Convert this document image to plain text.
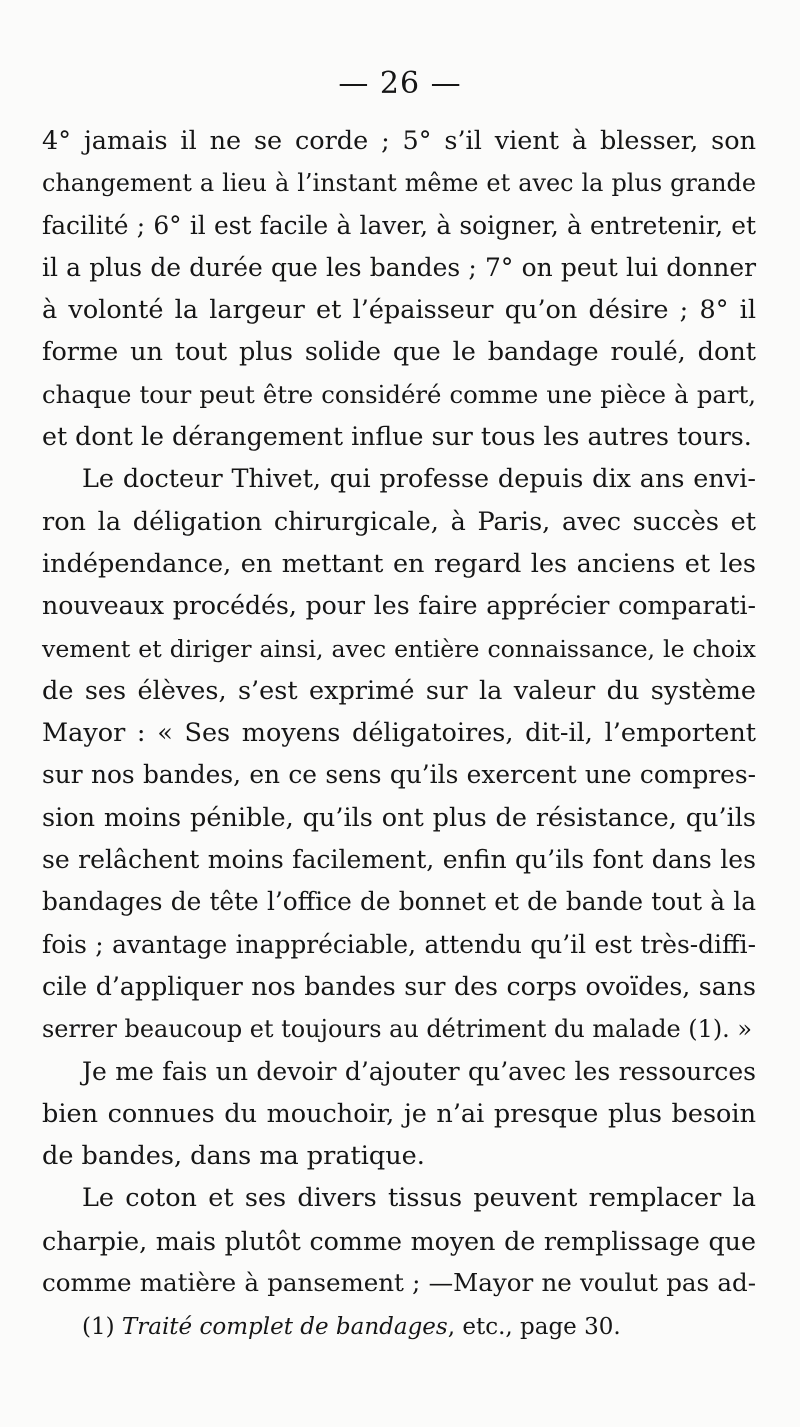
— 26 —
4° jamais il ne se corde ; 5° s’il vient à blesser, son
changement a lieu à l’instant même et avec la plus grande
facilité ; 6° il est facile à laver, à soigner, à entretenir, et
il a plus de durée que les bandes ; 7° on peut lui donner
à volonté la largeur et l’épaisseur qu’on désire ; 8° il
forme un tout plus solide que le bandage roulé, dont
chaque tour peut être considéré comme une pièce à part,
et dont le dérangement influe sur tous les autres tours.
Le docteur Thivet, qui professe depuis dix ans envi-
ron la déligation chirurgicale, à Paris, avec succès et
indépendance, en mettant en regard les anciens et les
nouveaux procédés, pour les faire apprécier comparati-
vement et diriger ainsi, avec entière connaissance, le choix
de ses élèves, s’est exprimé sur la valeur du système
Mayor : « Ses moyens déligatoires, dit-il, l’emportent
sur nos bandes, en ce sens qu’ils exercent une compres-
sion moins pénible, qu’ils ont plus de résistance, qu’ils
se relâchent moins facilement, enfin qu’ils font dans les
bandages de tête l’office de bonnet et de bande tout à la
fois ; avantage inappréciable, attendu qu’il est très-diffi-
cile d’appliquer nos bandes sur des corps ovoïdes, sans
serrer beaucoup et toujours au détriment du malade (1). »
Je me fais un devoir d’ajouter qu’avec les ressources
bien connues du mouchoir, je n’ai presque plus besoin
de bandes, dans ma pratique.
Le coton et ses divers tissus peuvent remplacer la
charpie, mais plutôt comme moyen de remplissage que
comme matière à pansement ; —Mayor ne voulut pas ad-
(1) Traité complet de bandages, etc., page 30.
